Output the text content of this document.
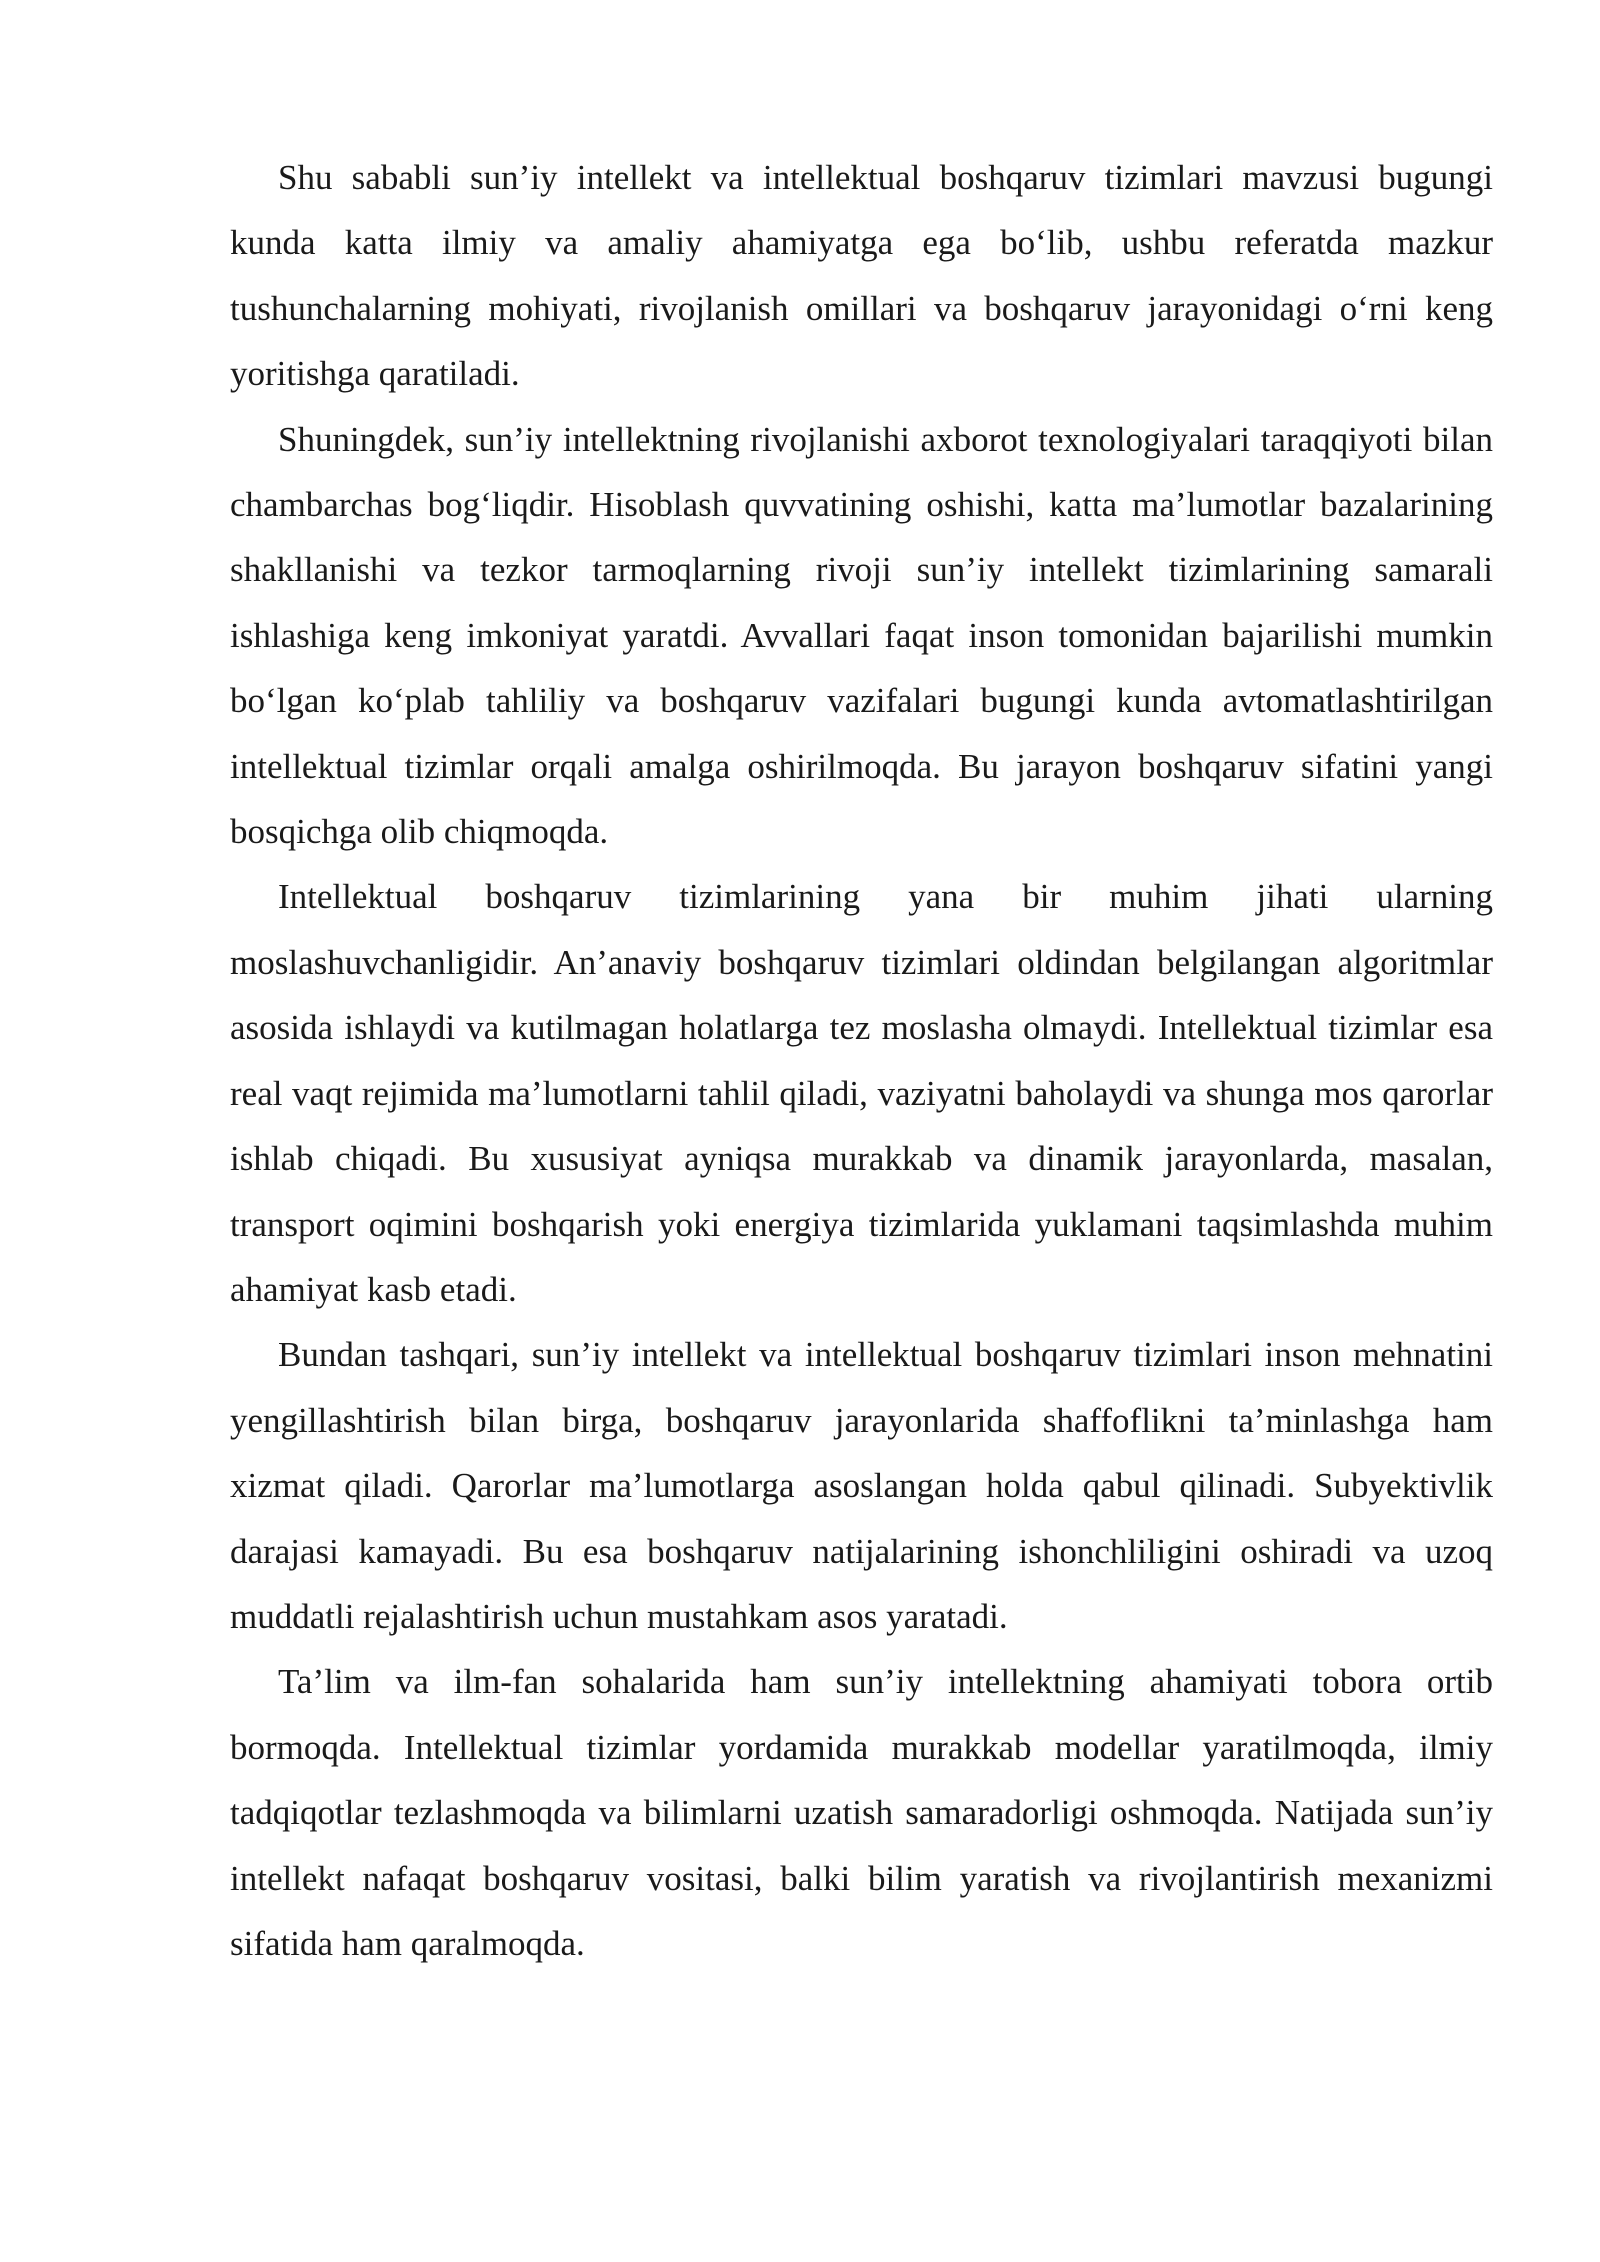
Shu sababli sun’iy intellekt va intellektual boshqaruv tizimlari mavzusi bugungi kunda katta ilmiy va amaliy ahamiyatga ega bo‘lib, ushbu referatda mazkur tushunchalarning mohiyati, rivojlanish omillari va boshqaruv jarayonidagi o‘rni keng yoritishga qaratiladi.

Shuningdek, sun’iy intellektning rivojlanishi axborot texnologiyalari taraqqiyoti bilan chambarchas bog‘liqdir. Hisoblash quvvatining oshishi, katta ma’lumotlar bazalarining shakllanishi va tezkor tarmoqlarning rivoji sun’iy intellekt tizimlarining samarali ishlashiga keng imkoniyat yaratdi. Avvallari faqat inson tomonidan bajarilishi mumkin bo‘lgan ko‘plab tahliliy va boshqaruv vazifalari bugungi kunda avtomatlashtirilgan intellektual tizimlar orqali amalga oshirilmoqda. Bu jarayon boshqaruv sifatini yangi bosqichga olib chiqmoqda.

Intellektual boshqaruv tizimlarining yana bir muhim jihati ularning moslashuvchanligidir. An’anaviy boshqaruv tizimlari oldindan belgilangan algoritmlar asosida ishlaydi va kutilmagan holatlarga tez moslasha olmaydi. Intellektual tizimlar esa real vaqt rejimida ma’lumotlarni tahlil qiladi, vaziyatni baholaydi va shunga mos qarorlar ishlab chiqadi. Bu xususiyat ayniqsa murakkab va dinamik jarayonlarda, masalan, transport oqimini boshqarish yoki energiya tizimlarida yuklamani taqsimlashda muhim ahamiyat kasb etadi.

Bundan tashqari, sun’iy intellekt va intellektual boshqaruv tizimlari inson mehnatini yengillashtirish bilan birga, boshqaruv jarayonlarida shaffoflikni ta’minlashga ham xizmat qiladi. Qarorlar ma’lumotlarga asoslangan holda qabul qilinadi. Subyektivlik darajasi kamayadi. Bu esa boshqaruv natijalarining ishonchliligini oshiradi va uzoq muddatli rejalashtirish uchun mustahkam asos yaratadi.

Ta’lim va ilm-fan sohalarida ham sun’iy intellektning ahamiyati tobora ortib bormoqda. Intellektual tizimlar yordamida murakkab modellar yaratilmoqda, ilmiy tadqiqotlar tezlashmoqda va bilimlarni uzatish samaradorligi oshmoqda. Natijada sun’iy intellekt nafaqat boshqaruv vositasi, balki bilim yaratish va rivojlantirish mexanizmi sifatida ham qaralmoqda.
